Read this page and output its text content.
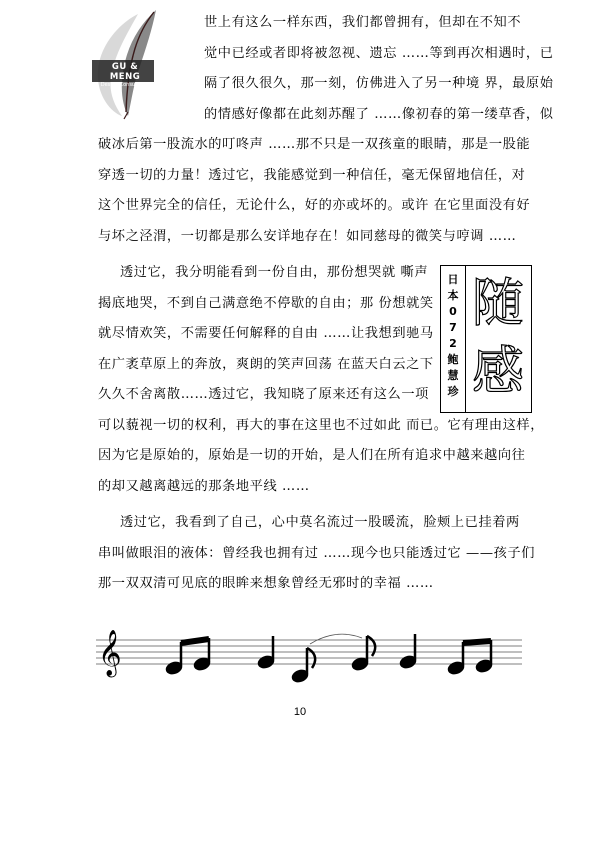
GU & MENG
Design Consultants

世上有这么一样东西，我们都曾拥有，但却在不知不
觉中已经或者即将被忽视、遗忘 ……等到再次相遇时，已
隔了很久很久，那一刻，仿佛进入了另一种境 界，最原始
的情感好像都在此刻苏醒了 ……像初春的第一缕草香，似
破冰后第一股流水的叮咚声 ……那不只是一双孩童的眼睛，那是一股能
穿透一切的力量！透过它，我能感觉到一种信任，毫无保留地信任，对
这个世界完全的信任，无论什么，好的亦或坏的。或许 在它里面没有好
与坏之泾渭，一切都是那么安详地存在！如同慈母的微笑与哼调 ……

透过它，我分明能看到一份自由，那份想哭就 嘶声
揭底地哭，不到自己满意绝不停歇的自由；那 份想就笑
就尽情欢笑，不需要任何解释的自由 ……让我想到驰马
在广袤草原上的奔放，爽朗的笑声回荡 在蓝天白云之下
久久不舍离散……透过它，我知晓了原来还有这么一项
可以藐视一切的权利，再大的事在这里也不过如此 而已。它有理由这样，
因为它是原始的，原始是一切的开始，是人们在所有追求中越来越向往
的却又越离越远的那条地平线 ……

日
本
0
7
2
鲍
慧
珍
随
感

透过它，我看到了自己，心中莫名流过一股暖流，脸颊上已挂着两
串叫做眼泪的液体：曾经我也拥有过 ……现今也只能透过它 ——孩子们
那一双双清可见底的眼眸来想象曾经无邪时的幸福 ……

𝄞
10
